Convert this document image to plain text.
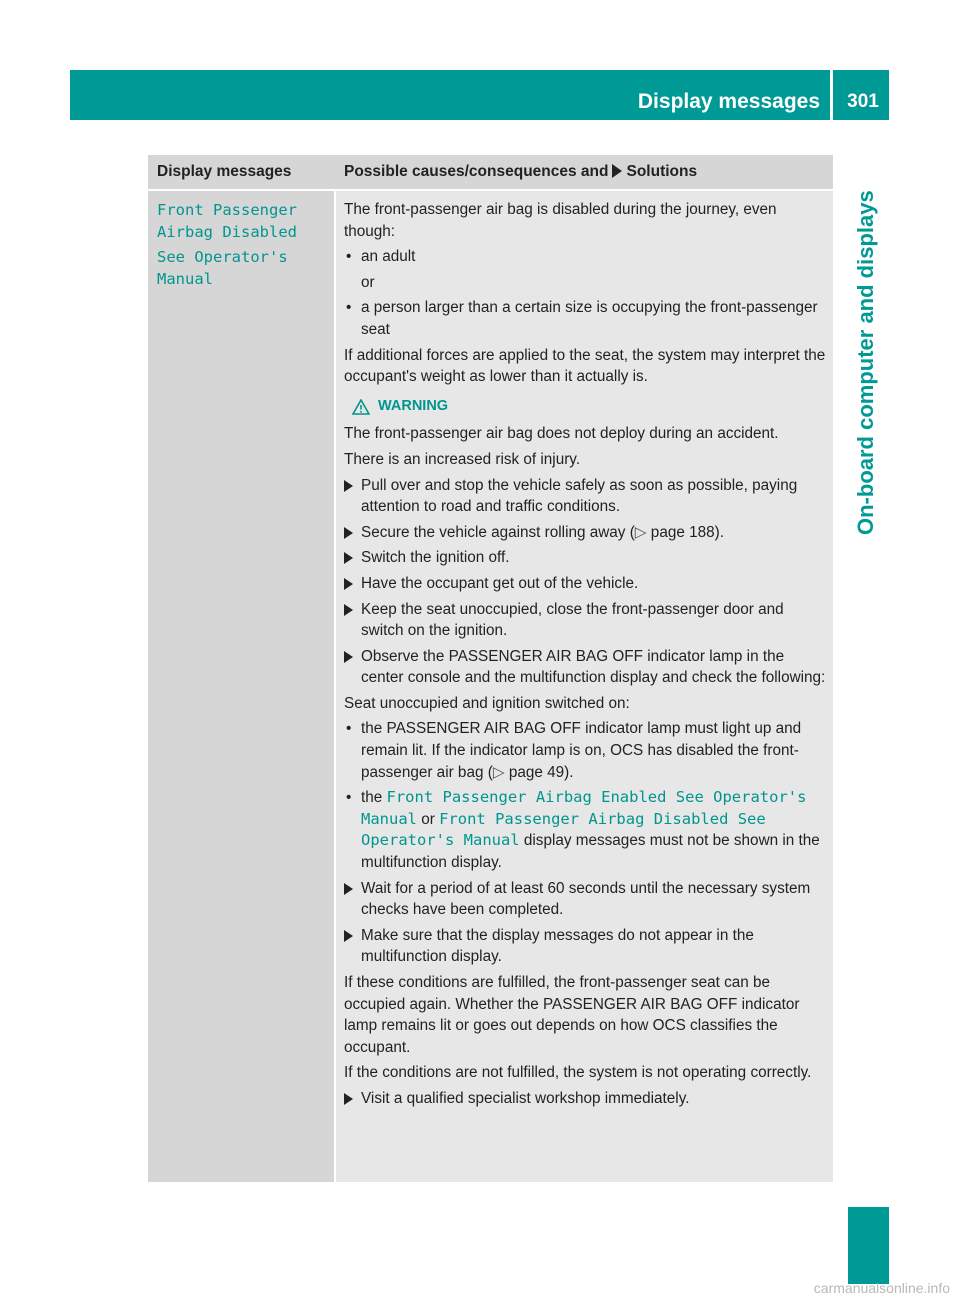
Display messages	301
On-board computer and displays
Display messages	Possible causes/consequences and Solutions
Front Passenger
Airbag Disabled
See Operator's
Manual

The front-passenger air bag is disabled during the journey, even though:

• an adult
or
• a person larger than a certain size is occupying the front-passenger seat

If additional forces are applied to the seat, the system may interpret the occupant's weight as lower than it actually is.

WARNING

The front-passenger air bag does not deploy during an accident.

There is an increased risk of injury.

Pull over and stop the vehicle safely as soon as possible, paying attention to road and traffic conditions.
Secure the vehicle against rolling away (▷ page 188).
Switch the ignition off.
Have the occupant get out of the vehicle.
Keep the seat unoccupied, close the front-passenger door and switch on the ignition.
Observe the PASSENGER AIR BAG OFF indicator lamp in the center console and the multifunction display and check the following:

Seat unoccupied and ignition switched on:

• the PASSENGER AIR BAG OFF indicator lamp must light up and remain lit. If the indicator lamp is on, OCS has disabled the front-passenger air bag (▷ page 49).
• the Front Passenger Airbag Enabled See Operator's Manual or Front Passenger Airbag Disabled See Operator's Manual display messages must not be shown in the multifunction display.
Wait for a period of at least 60 seconds until the necessary system checks have been completed.
Make sure that the display messages do not appear in the multifunction display.

If these conditions are fulfilled, the front-passenger seat can be occupied again. Whether the PASSENGER AIR BAG OFF indicator lamp remains lit or goes out depends on how OCS classifies the occupant.

If the conditions are not fulfilled, the system is not operating correctly.

Visit a qualified specialist workshop immediately.
carmanualsonline.info
